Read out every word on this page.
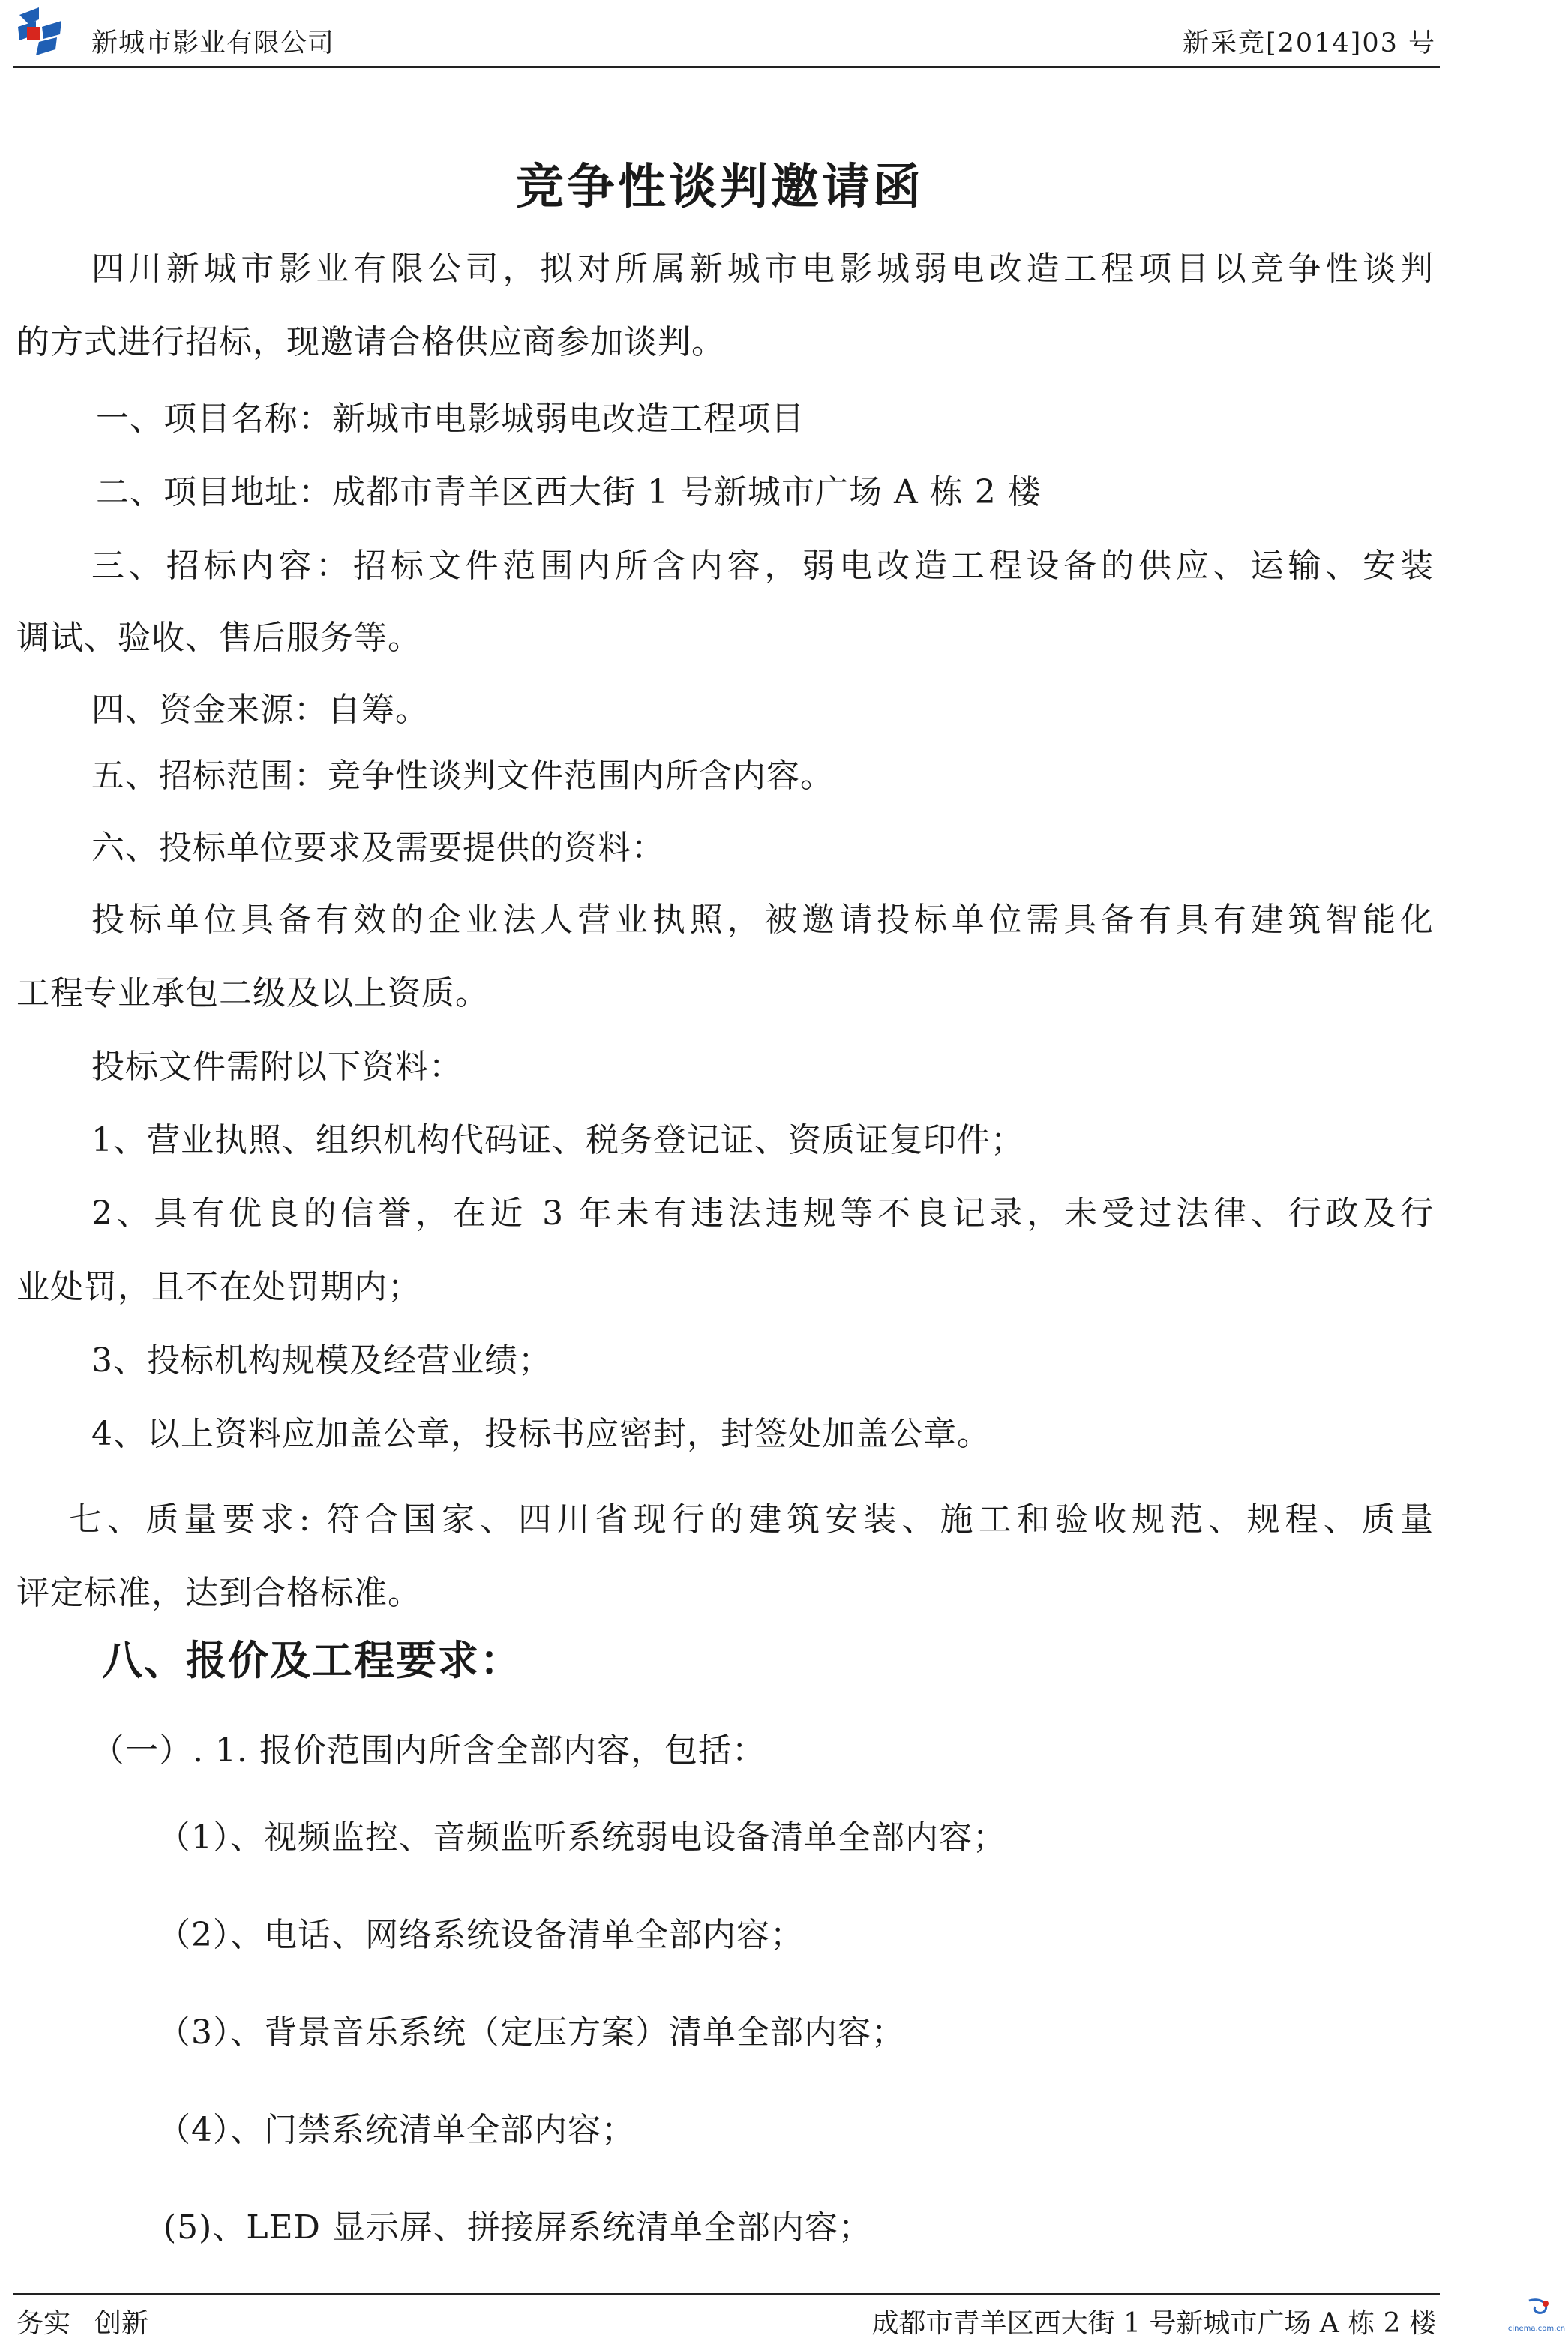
新城市影业有限公司	新采竞[2014]03 号
竞争性谈判邀请函
四川新城市影业有限公司，拟对所属新城市电影城弱电改造工程项目以竞争性谈判
的方式进行招标，现邀请合格供应商参加谈判。
一、项目名称：新城市电影城弱电改造工程项目
二、项目地址：成都市青羊区西大街 1 号新城市广场 A 栋 2 楼
三、招标内容：招标文件范围内所含内容，弱电改造工程设备的供应、运输、安装
调试、验收、售后服务等。
四、资金来源：自筹。
五、招标范围：竞争性谈判文件范围内所含内容。
六、投标单位要求及需要提供的资料：
投标单位具备有效的企业法人营业执照，被邀请投标单位需具备有具有建筑智能化
工程专业承包二级及以上资质。
投标文件需附以下资料：
1、营业执照、组织机构代码证、税务登记证、资质证复印件；
2、具有优良的信誉，在近 3 年未有违法违规等不良记录，未受过法律、行政及行
业处罚，且不在处罚期内；
3、投标机构规模及经营业绩；
4、以上资料应加盖公章，投标书应密封，封签处加盖公章。
七、质量要求: 符合国家、四川省现行的建筑安装、施工和验收规范、规程、质量
评定标准，达到合格标准。
八、报价及工程要求：
（一）. 1. 报价范围内所含全部内容，包括：
（1）、视频监控、音频监听系统弱电设备清单全部内容；
（2）、电话、网络系统设备清单全部内容；
（3）、背景音乐系统（定压方案）清单全部内容；
（4）、门禁系统清单全部内容；
(5)、LED 显示屏、拼接屏系统清单全部内容；
务实 创新	成都市青羊区西大街 1 号新城市广场 A 栋 2 楼	cinema.com.cn
